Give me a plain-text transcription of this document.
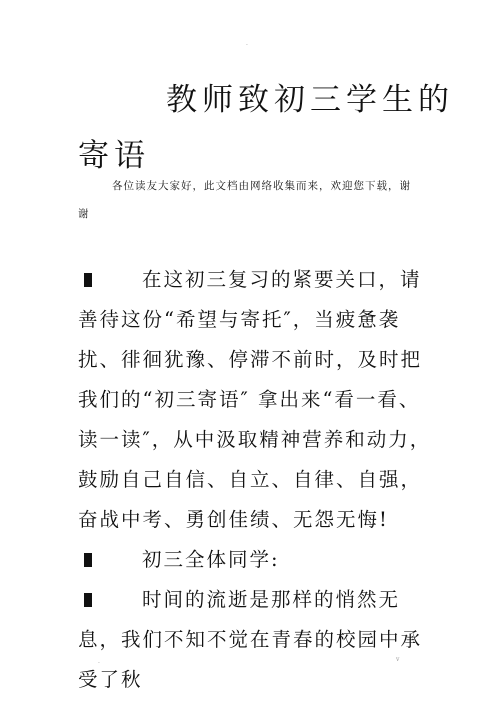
.
教师致初三学生的
寄语
各位读友大家好，此文档由网络收集而来，欢迎您下载，谢
谢
在这初三复习的紧要关口，请善待这份“希望与寄托″，当疲惫袭扰、徘徊犹豫、停滞不前时，及时把我们的“初三寄语″ 拿出来“看一看、读一读″，从中汲取精神营养和动力，鼓励自己自信、自立、自律、自强，奋战中考、勇创佳绩、无怨无悔!
初三全体同学:
时间的流逝是那样的悄然无息，我们不知不觉在青春的校园中承受了秋
.	v
